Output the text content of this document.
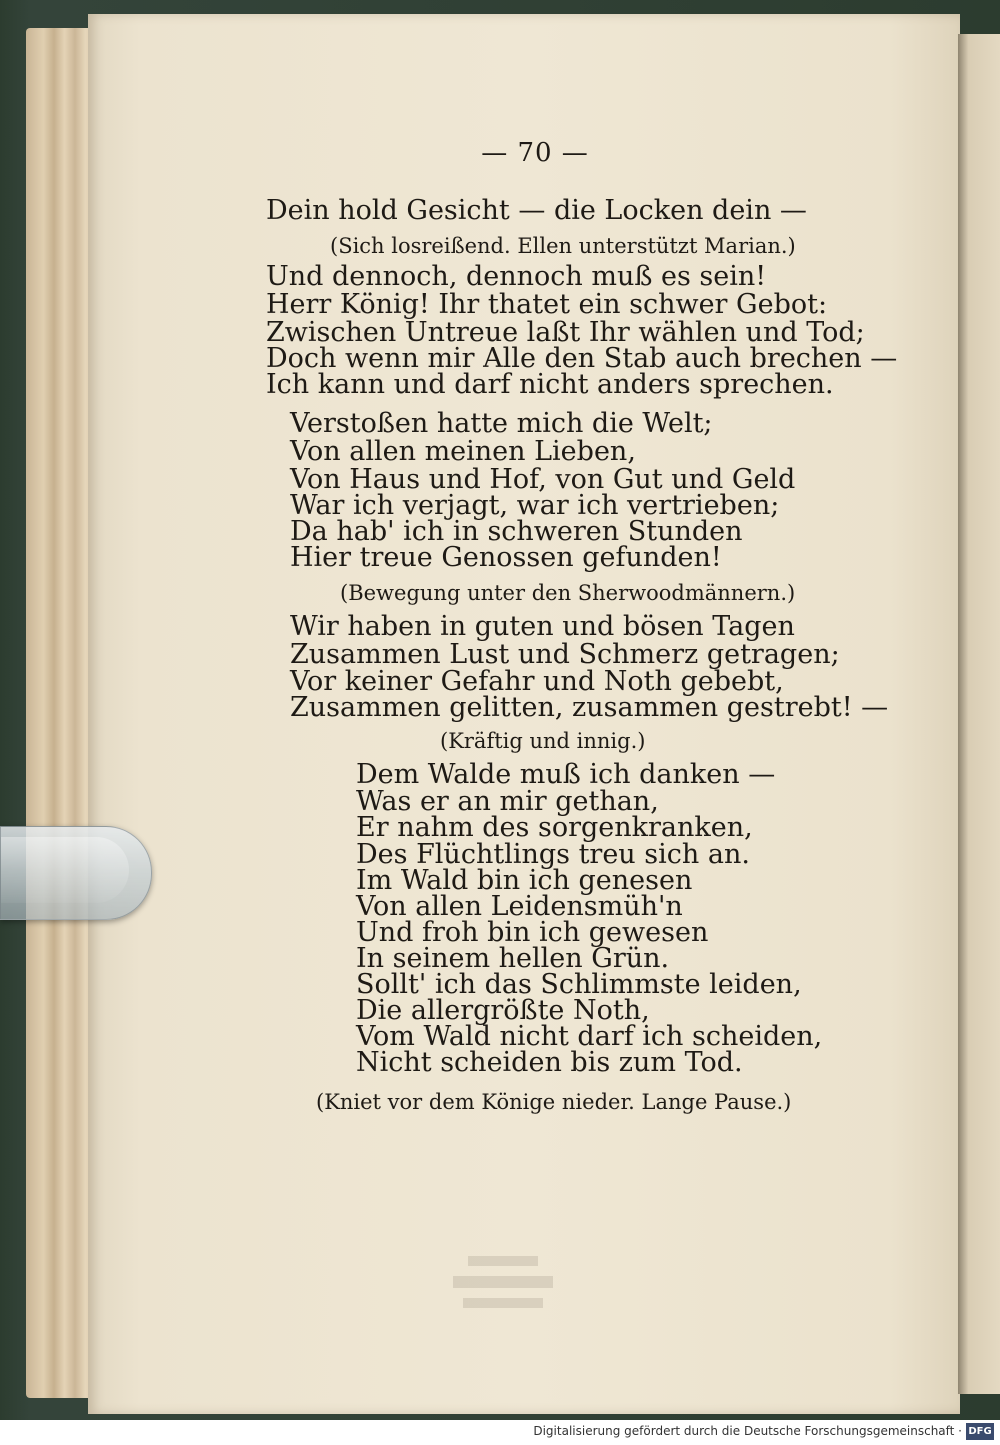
— 70 —
Dein hold Gesicht — die Locken dein —
(Sich losreißend. Ellen unterstützt Marian.)
Und dennoch, dennoch muß es sein!
Herr König! Ihr thatet ein schwer Gebot:
Zwischen Untreue laßt Ihr wählen und Tod;
Doch wenn mir Alle den Stab auch brechen —
Ich kann und darf nicht anders sprechen.
Verstoßen hatte mich die Welt;
Von allen meinen Lieben,
Von Haus und Hof, von Gut und Geld
War ich verjagt, war ich vertrieben;
Da hab' ich in schweren Stunden
Hier treue Genossen gefunden!
(Bewegung unter den Sherwoodmännern.)
Wir haben in guten und bösen Tagen
Zusammen Lust und Schmerz getragen;
Vor keiner Gefahr und Noth gebebt,
Zusammen gelitten, zusammen gestrebt! —
(Kräftig und innig.)
Dem Walde muß ich danken —
Was er an mir gethan,
Er nahm des sorgenkranken,
Des Flüchtlings treu sich an.
Im Wald bin ich genesen
Von allen Leidensmüh'n
Und froh bin ich gewesen
In seinem hellen Grün.
Sollt' ich das Schlimmste leiden,
Die allergrößte Noth,
Vom Wald nicht darf ich scheiden,
Nicht scheiden bis zum Tod.
(Kniet vor dem Könige nieder. Lange Pause.)
Digitalisierung gefördert durch die Deutsche Forschungsgemeinschaft · DFG
